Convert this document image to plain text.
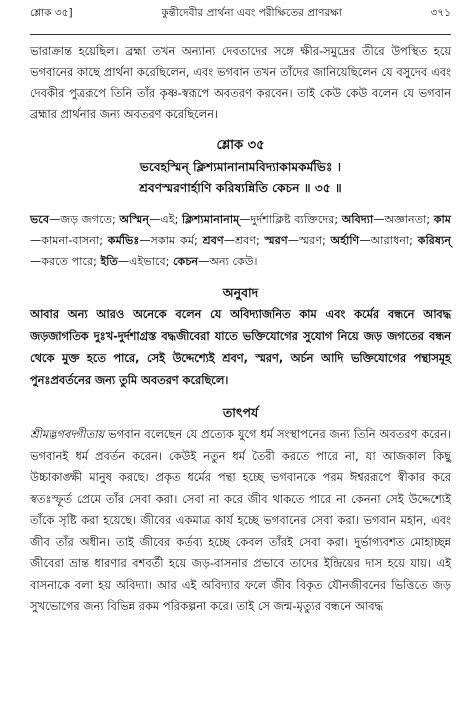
শ্লোক ৩৫]	কুন্তীদেবীর প্রার্থনা এবং পরীক্ষিতের প্রাণরক্ষা	৩৭১

ভারাক্রান্ত হয়েছিল। ব্রহ্মা তখন অন্যান্য দেবতাদের সঙ্গে ক্ষীর-সমুদ্রের তীরে উপস্থিত হয়ে ভগবানের কাছে প্রার্থনা করেছিলেন, এবং ভগবান তখন তাঁদের জানিয়েছিলেন যে বসুদেব এবং দেবকীর পুত্ররূপে তিনি তাঁর কৃষ্ণ-স্বরূপে অবতরণ করবেন। তাই কেউ কেউ বলেন যে ভগবান ব্রহ্মার প্রার্থনার জন্য অবতরণ করেছিলেন।

শ্লোক ৩৫
ভবেহস্মিন্‌ ক্লিশ্যমানানামবিদ্যাকামকর্মভিঃ ।
শ্রবণস্মরণার্হাণি করিষ্যন্নিতি কেচন ॥ ৩৫ ॥
ভবে—জড় জগতে; অস্মিন্—এই; ক্লিশ্যমানানাম্—দুর্দশাক্লিষ্ট ব্যক্তিদের; অবিদ্যা—অজ্ঞানতা; কাম—কামনা-বাসনা; কর্মভিঃ—সকাম কর্ম; শ্রবণ—শ্রবণ; স্মরণ—স্মরণ; অর্হাণি—আরাধনা; করিষ্যন্—করতে পারে; ইতি—এইভাবে; কেচন—অন্য কেউ।
অনুবাদ
আবার অন্য আরও অনেকে বলেন যে অবিদ্যাজনিত কাম এবং কর্মের বন্ধনে আবদ্ধ জড়জাগতিক দুঃখ-দুর্দশাগ্রস্ত বদ্ধজীবেরা যাতে ভক্তিযোগের সুযোগ নিয়ে জড় জগতের বন্ধন থেকে মুক্ত হতে পারে, সেই উদ্দেশ্যেই শ্রবণ, স্মরণ, অর্চন আদি ভক্তিযোগের পন্থাসমূহ পুনঃপ্রবর্তনের জন্য তুমি অবতরণ করেছিলে।
তাৎপর্য

শ্রীমদ্ভগবদ্গীতায় ভগবান বলেছেন যে প্রত্যেক যুগে ধর্ম সংস্থাপনের জন্য তিনি অবতরণ করেন। ভগবানই ধর্ম প্রবর্তন করেন। কেউই নতুন ধর্ম তৈরী করতে পারে না, যা আজকাল কিছু উচ্চাকাঙ্ক্ষী মানুষ করছে। প্রকৃত ধর্মের পন্থা হচ্ছে ভগবানকে পরম ঈশ্বররূপে স্বীকার করে স্বতঃস্ফূর্ত প্রেমে তাঁর সেবা করা। সেবা না করে জীব থাকতে পারে না কেননা সেই উদ্দেশ্যেই তাঁকে সৃষ্টি করা হয়েছে। জীবের একমাত্র কার্য হচ্ছে ভগবানের সেবা করা। ভগবান মহান, এবং জীব তাঁর অধীন। তাই জীবের কর্তব্য হচ্ছে কেবল তাঁরই সেবা করা। দুর্ভাগ্যবশত মোহাচ্ছন্ন জীবেরা ভ্রান্ত ধারণার বশবর্তী হয়ে জড়-বাসনার প্রভাবে তাদের ইন্দ্রিয়ের দাস হয়ে যায়। এই বাসনাকে বলা হয় অবিদ্যা। আর এই অবিদ্যার ফলে জীব বিকৃত যৌনজীবনের ভিত্তিতে জড় সুখভোগের জন্য বিভিন্ন রকম পরিকল্পনা করে। তাই সে জন্ম-মৃত্যুর বন্ধনে আবদ্ধ
